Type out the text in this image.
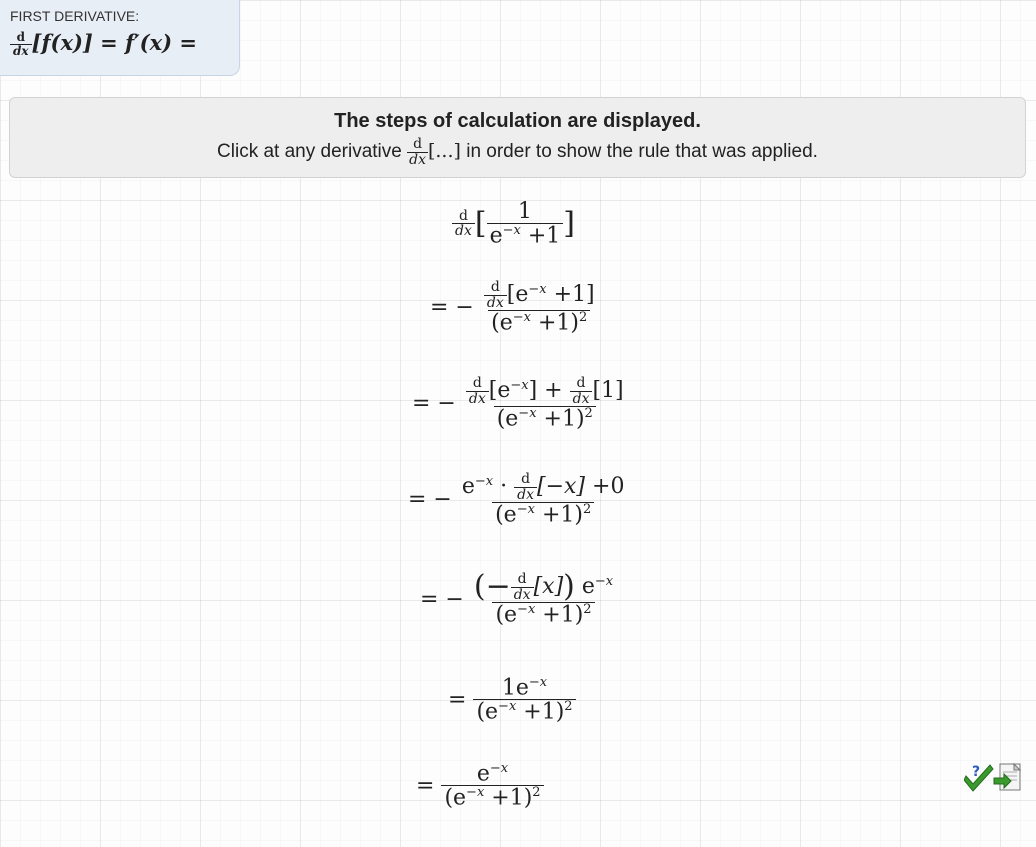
FIRST DERIVATIVE:
$\frac{d}{dx} [f(x)] = f'(x)$ =
The steps of calculation are displayed.
Click at any derivative $\frac{d}{dx}$ [...] in order to show the rule that was applied.
$\frac{d}{dx}$ [ $\frac{1}{e^{-x} +1}$ ]
= − $\frac{\frac{d}{dx} [e^{-x} +1]}{(e^{-x} +1)^2}$
= − $\frac{\frac{d}{dx} [e^{-x}] + \frac{d}{dx} [1]}{(e^{-x} +1)^2}$
= − $\frac{e^{-x} \cdot \frac{d}{dx} [-x] +0}{(e^{-x} +1)^2}$
= − $\frac{(- \frac{d}{dx} [x]) e^{-x}}{(e^{-x} +1)^2}$
= $\frac{1e^{-x}}{(e^{-x} +1)^2}$
= $\frac{e^{-x}}{(e^{-x} +1)^2}$	?
